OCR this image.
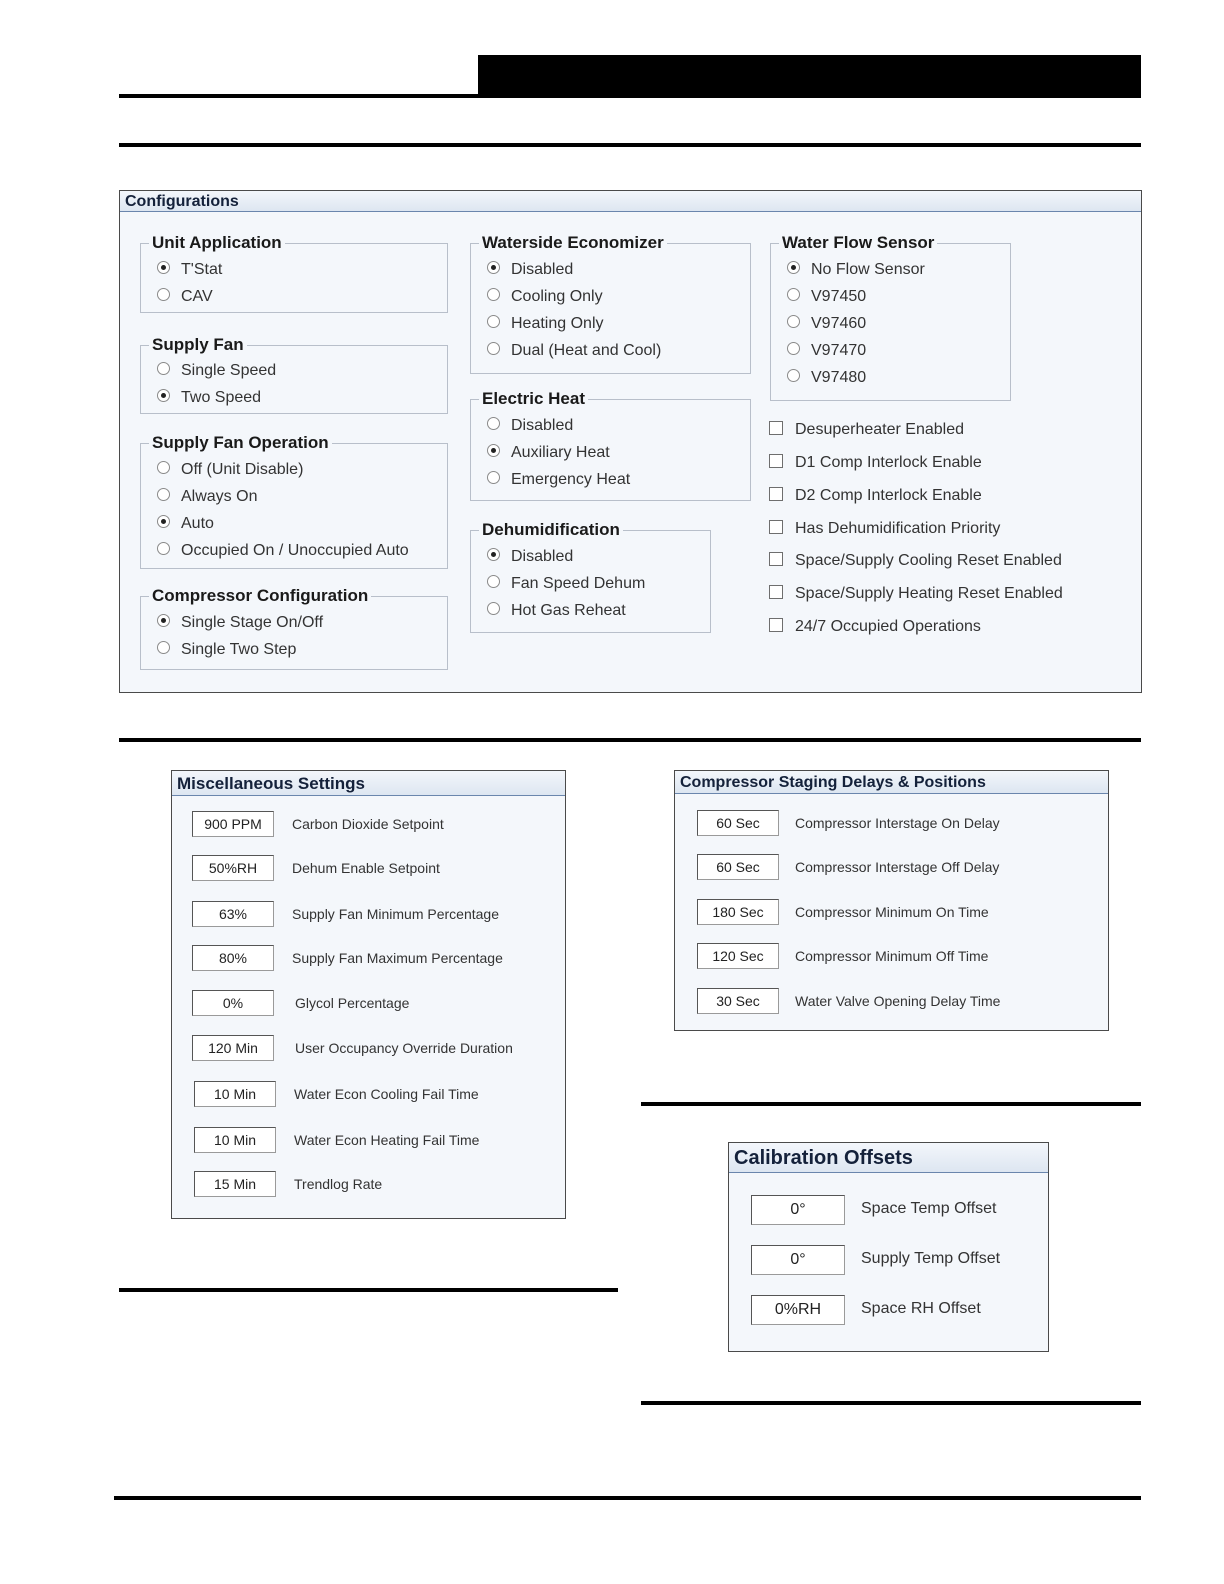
Configurations
Unit Application
T'Stat
CAV
Supply Fan
Single Speed
Two Speed
Supply Fan Operation
Off (Unit Disable)
Always On
Auto
Occupied On / Unoccupied Auto
Compressor Configuration
Single Stage On/Off
Single Two Step
Waterside Economizer
Disabled
Cooling Only
Heating Only
Dual (Heat and Cool)
Electric Heat
Disabled
Auxiliary Heat
Emergency Heat
Dehumidification
Disabled
Fan Speed Dehum
Hot Gas Reheat
Water Flow Sensor
No Flow Sensor
V97450
V97460
V97470
V97480
Desuperheater Enabled
D1 Comp Interlock Enable
D2 Comp Interlock Enable
Has Dehumidification Priority
Space/Supply Cooling Reset Enabled
Space/Supply Heating Reset Enabled
24/7 Occupied Operations
Miscellaneous Settings
900 PPM	Carbon Dioxide Setpoint
50%RH	Dehum Enable Setpoint
63%	Supply Fan Minimum Percentage
80%	Supply Fan Maximum Percentage
0%	Glycol Percentage
120 Min	User Occupancy Override Duration
10 Min	Water Econ Cooling Fail Time
10 Min	Water Econ Heating Fail Time
15 Min	Trendlog Rate
Compressor Staging Delays & Positions
60 Sec	Compressor Interstage On Delay
60 Sec	Compressor Interstage Off Delay
180 Sec	Compressor Minimum On Time
120 Sec	Compressor Minimum Off Time
30 Sec	Water Valve Opening Delay Time
Calibration Offsets
0°	Space Temp Offset
0°	Supply Temp Offset
0%RH	Space RH Offset
